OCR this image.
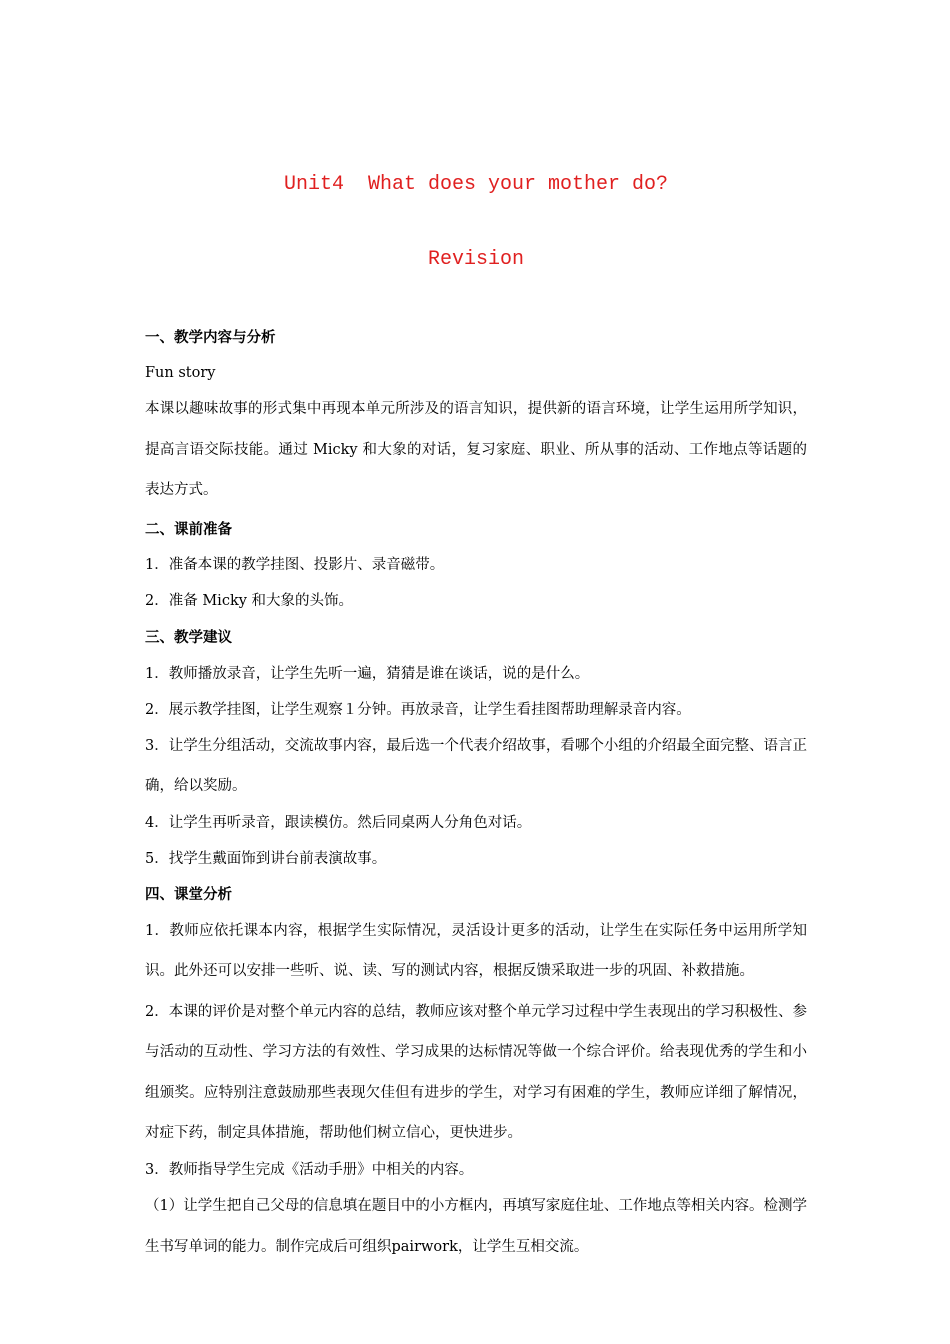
Unit4  What does your mother do?

Revision

一、教学内容与分析
Fun story
本课以趣味故事的形式集中再现本单元所涉及的语言知识，提供新的语言环境，让学生运用所学知识，提高言语交际技能。通过 Micky 和大象的对话，复习家庭、职业、所从事的活动、工作地点等话题的表达方式。
二、课前准备
1．准备本课的教学挂图、投影片、录音磁带。
2．准备 Micky 和大象的头饰。
三、教学建议
1．教师播放录音，让学生先听一遍，猜猜是谁在谈话，说的是什么。
2．展示教学挂图，让学生观察１分钟。再放录音，让学生看挂图帮助理解录音内容。
3．让学生分组活动，交流故事内容，最后选一个代表介绍故事，看哪个小组的介绍最全面完整、语言正确，给以奖励。
4．让学生再听录音，跟读模仿。然后同桌两人分角色对话。
5．找学生戴面饰到讲台前表演故事。
四、课堂分析
1．教师应依托课本内容，根据学生实际情况，灵活设计更多的活动，让学生在实际任务中运用所学知识。此外还可以安排一些听、说、读、写的测试内容，根据反馈采取进一步的巩固、补救措施。
2．本课的评价是对整个单元内容的总结，教师应该对整个单元学习过程中学生表现出的学习积极性、参与活动的互动性、学习方法的有效性、学习成果的达标情况等做一个综合评价。给表现优秀的学生和小组颁奖。应特别注意鼓励那些表现欠佳但有进步的学生，对学习有困难的学生，教师应详细了解情况，对症下药，制定具体措施，帮助他们树立信心，更快进步。
3．教师指导学生完成《活动手册》中相关的内容。
（1）让学生把自己父母的信息填在题目中的小方框内，再填写家庭住址、工作地点等相关内容。检测学生书写单词的能力。制作完成后可组织pairwork，让学生互相交流。
